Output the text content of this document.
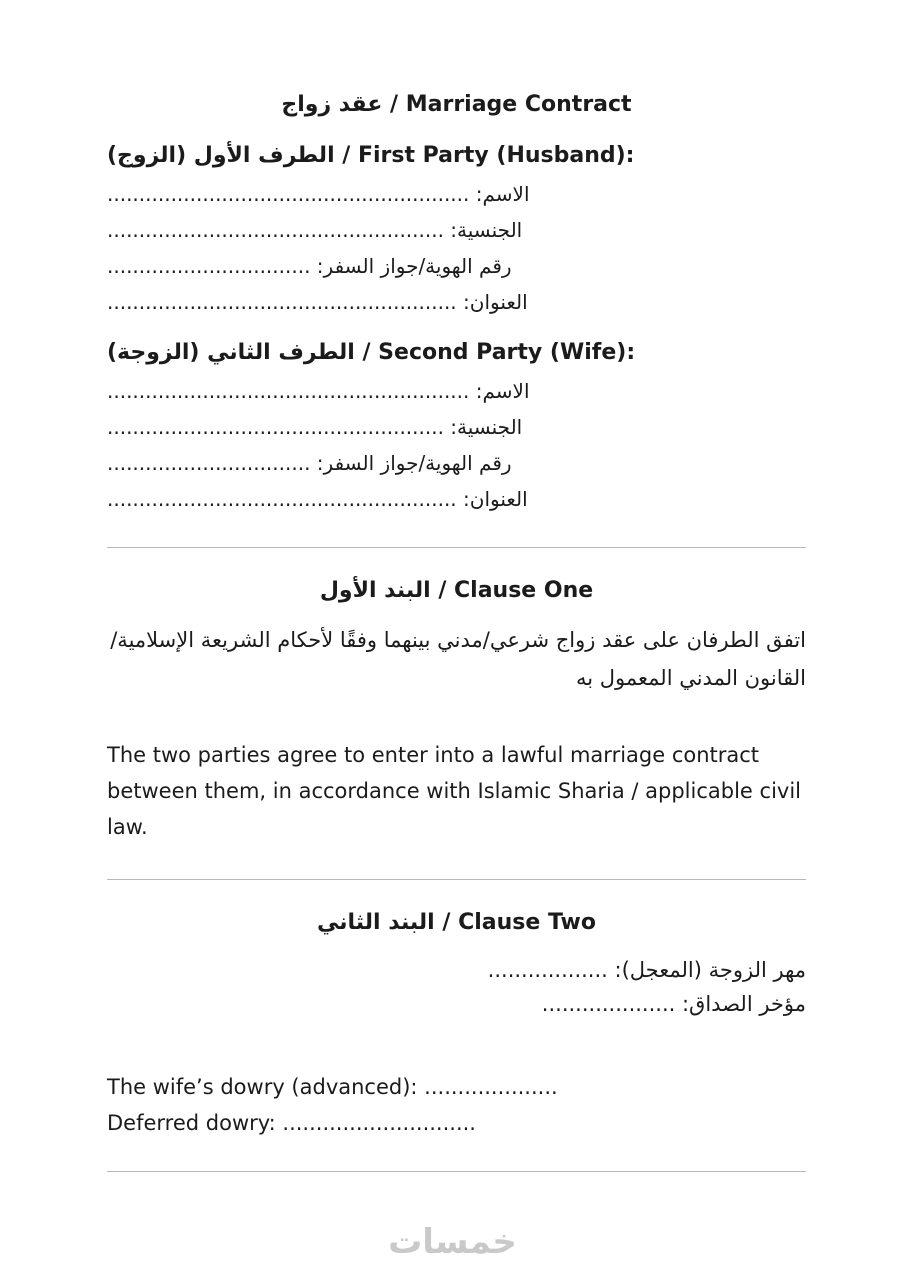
عقد زواج / Marriage Contract
الطرف الأول (الزوج) / First Party (Husband):
الاسم: .........................................................
الجنسية: .....................................................
رقم الهوية/جواز السفر: ................................
العنوان: .......................................................
الطرف الثاني (الزوجة) / Second Party (Wife):
الاسم: .........................................................
الجنسية: .....................................................
رقم الهوية/جواز السفر: ................................
العنوان: .......................................................
البند الأول / Clause One

اتفق الطرفان على عقد زواج شرعي/مدني بينهما وفقًا لأحكام الشريعة الإسلامية/القانون المدني المعمول به

The two parties agree to enter into a lawful marriage contract between them, in accordance with Islamic Sharia / applicable civil law.

البند الثاني / Clause Two
مهر الزوجة (المعجل): ..................
مؤخر الصداق: ....................
The wife’s dowry (advanced): ....................
Deferred dowry: .............................
خمسات
